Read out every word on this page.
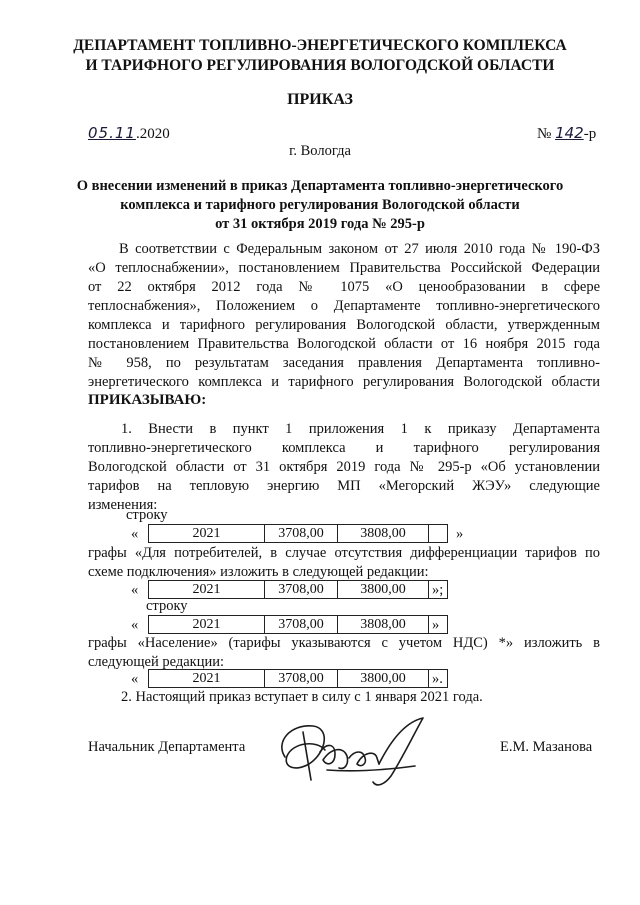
ДЕПАРТАМЕНТ ТОПЛИВНО-ЭНЕРГЕТИЧЕСКОГО КОМПЛЕКСА
И ТАРИФНОГО РЕГУЛИРОВАНИЯ ВОЛОГОДСКОЙ ОБЛАСТИ
ПРИКАЗ
05.11.2020	№ 142-р
г. Вологда
О внесении изменений в приказ Департамента топливно-энергетического
комплекса и тарифного регулирования Вологодской области
от 31 октября 2019 года № 295-р
В соответствии с Федеральным законом от 27 июля 2010 года № 190-ФЗ
«О теплоснабжении», постановлением Правительства Российской Федерации
от 22 октября 2012 года № 1075 «О ценообразовании в сфере
теплоснабжения», Положением о Департаменте топливно-энергетического
комплекса и тарифного регулирования Вологодской области, утвержденным
постановлением Правительства Вологодской области от 16 ноября 2015 года
№ 958, по результатам заседания правления Департамента топливно-
энергетического комплекса и тарифного регулирования Вологодской области
ПРИКАЗЫВАЮ:
1. Внести в пункт 1 приложения 1 к приказу Департамента
топливно-энергетического комплекса и тарифного регулирования
Вологодской области от 31 октября 2019 года № 295-р «Об установлении
тарифов на тепловую энергию МП «Мегорский ЖЭУ» следующие
изменения:
строку
«	2021	3708,00	3808,00		»
графы «Для потребителей, в случае отсутствия дифференциации тарифов по
схеме подключения» изложить в следующей редакции:
«	2021	3708,00	3800,00	»;
строку
«	2021	3708,00	3808,00	»
графы «Население» (тарифы указываются с учетом НДС) *» изложить в
следующей редакции:
«	2021	3708,00	3800,00	».
2. Настоящий приказ вступает в силу с 1 января 2021 года.
Начальник Департамента	Е.М. Мазанова
